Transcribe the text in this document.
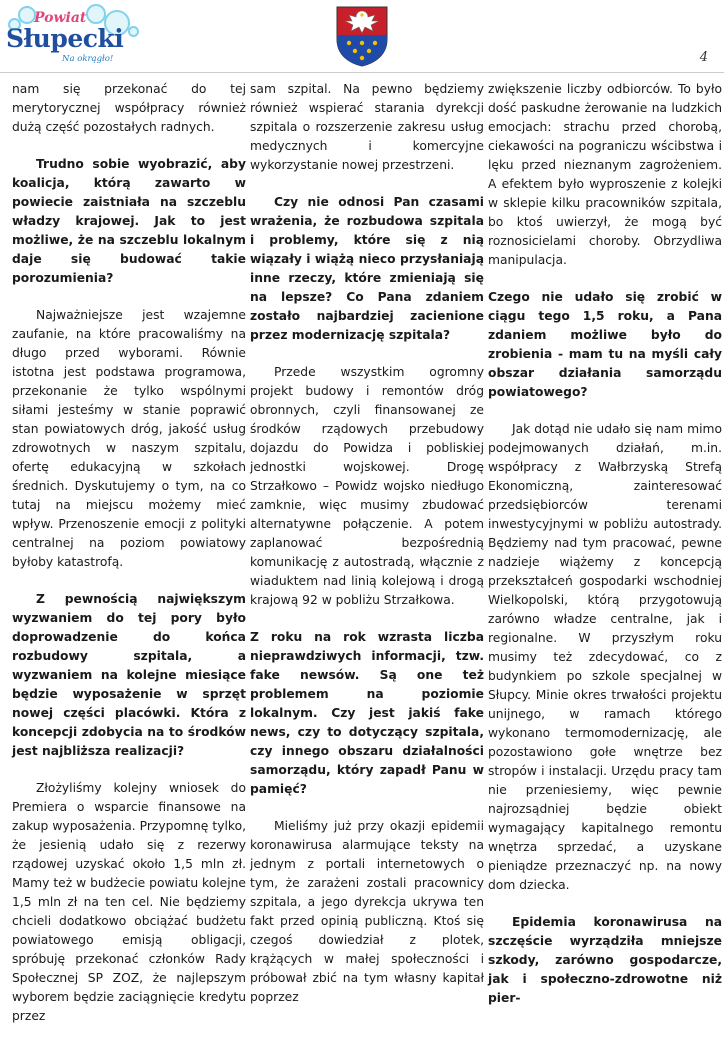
Powiat
Słupecki
Na okrągło!	4

nam się przekonać do tej merytorycznej współpracy również dużą część pozostałych radnych.

Trudno sobie wyobrazić, aby koalicja, którą zawarto w powiecie zaistniała na szczeblu władzy krajowej. Jak to jest możliwe, że na szczeblu lokalnym daje się budować takie porozumienia?

Najważniejsze jest wzajemne zaufanie, na które pracowaliśmy na długo przed wyborami. Równie istotna jest podstawa programowa, przekonanie że tylko wspólnymi siłami jesteśmy w stanie poprawić stan powiatowych dróg, jakość usług zdrowotnych w naszym szpitalu, ofertę edukacyjną w szkołach średnich. Dyskutujemy o tym, na co tutaj na miejscu możemy mieć wpływ. Przenoszenie emocji z polityki centralnej na poziom powiatowy byłoby katastrofą.

Z pewnością największym wyzwaniem do tej pory było doprowadzenie do końca rozbudowy szpitala, a wyzwaniem na kolejne miesiące będzie wyposażenie w sprzęt nowej części placówki. Która z koncepcji zdobycia na to środków jest najbliższa realizacji?

Złożyliśmy kolejny wniosek do Premiera o wsparcie finansowe na zakup wyposażenia. Przypomnę tylko, że jesienią udało się z rezerwy rządowej uzyskać około 1,5 mln zł. Mamy też w budżecie powiatu kolejne 1,5 mln zł na ten cel. Nie będziemy chcieli dodatkowo obciążać budżetu powiatowego emisją obligacji, spróbuję przekonać członków Rady Społecznej SP ZOZ, że najlepszym wyborem będzie zaciągnięcie kredytu przez

sam szpital. Na pewno będziemy również wspierać starania dyrekcji szpitala o rozszerzenie zakresu usług medycznych i komercyjne wykorzystanie nowej przestrzeni.

Czy nie odnosi Pan czasami wrażenia, że rozbudowa szpitala i problemy, które się z nią wiązały i wiążą nieco przysłaniają inne rzeczy, które zmieniają się na lepsze? Co Pana zdaniem zostało najbardziej zacienione przez modernizację szpitala?

Przede wszystkim ogromny projekt budowy i remontów dróg obronnych, czyli finansowanej ze środków rządowych przebudowy dojazdu do Powidza i pobliskiej jednostki wojskowej. Drogę Strzałkowo – Powidz wojsko niedługo zamknie, więc musimy zbudować alternatywne połączenie. A potem zaplanować bezpośrednią komunikację z autostradą, włącznie z wiaduktem nad linią kolejową i drogą krajową 92 w pobliżu Strzałkowa.

Z roku na rok wzrasta liczba nieprawdziwych informacji, tzw. fake newsów. Są one też problemem na poziomie lokalnym. Czy jest jakiś fake news, czy to dotyczący szpitala, czy innego obszaru działalności samorządu, który zapadł Panu w pamięć?

Mieliśmy już przy okazji epidemii koronawirusa alarmujące teksty na jednym z portali internetowych o tym, że zarażeni zostali pracownicy szpitala, a jego dyrekcja ukrywa ten fakt przed opinią publiczną. Ktoś się czegoś dowiedział z plotek, krążących w małej społeczności i próbował zbić na tym własny kapitał poprzez

zwiększenie liczby odbiorców. To było dość paskudne żerowanie na ludzkich emocjach: strachu przed chorobą, ciekawości na pograniczu wścibstwa i lęku przed nieznanym zagrożeniem. A efektem było wyproszenie z kolejki w sklepie kilku pracowników szpitala, bo ktoś uwierzył, że mogą być roznosicielami choroby. Obrzydliwa manipulacja.

Czego nie udało się zrobić w ciągu tego 1,5 roku, a Pana zdaniem możliwe było do zrobienia - mam tu na myśli cały obszar działania samorządu powiatowego?

Jak dotąd nie udało się nam mimo podejmowanych działań, m.in. współpracy z Wałbrzyską Strefą Ekonomiczną, zainteresować przedsiębiorców terenami inwestycyjnymi w pobliżu autostrady. Będziemy nad tym pracować, pewne nadzieje wiążemy z koncepcją przekształceń gospodarki wschodniej Wielkopolski, którą przygotowują zarówno władze centralne, jak i regionalne. W przyszłym roku musimy też zdecydować, co z budynkiem po szkole specjalnej w Słupcy. Minie okres trwałości projektu unijnego, w ramach którego wykonano termomodernizację, ale pozostawiono gołe wnętrze bez stropów i instalacji. Urzędu pracy tam nie przeniesiemy, więc pewnie najrozsądniej będzie obiekt wymagający kapitalnego remontu wnętrza sprzedać, a uzyskane pieniądze przeznaczyć np. na nowy dom dziecka.

Epidemia koronawirusa na szczęście wyrządziła mniejsze szkody, zarówno gospodarcze, jak i społeczno-zdrowotne niż pier-
